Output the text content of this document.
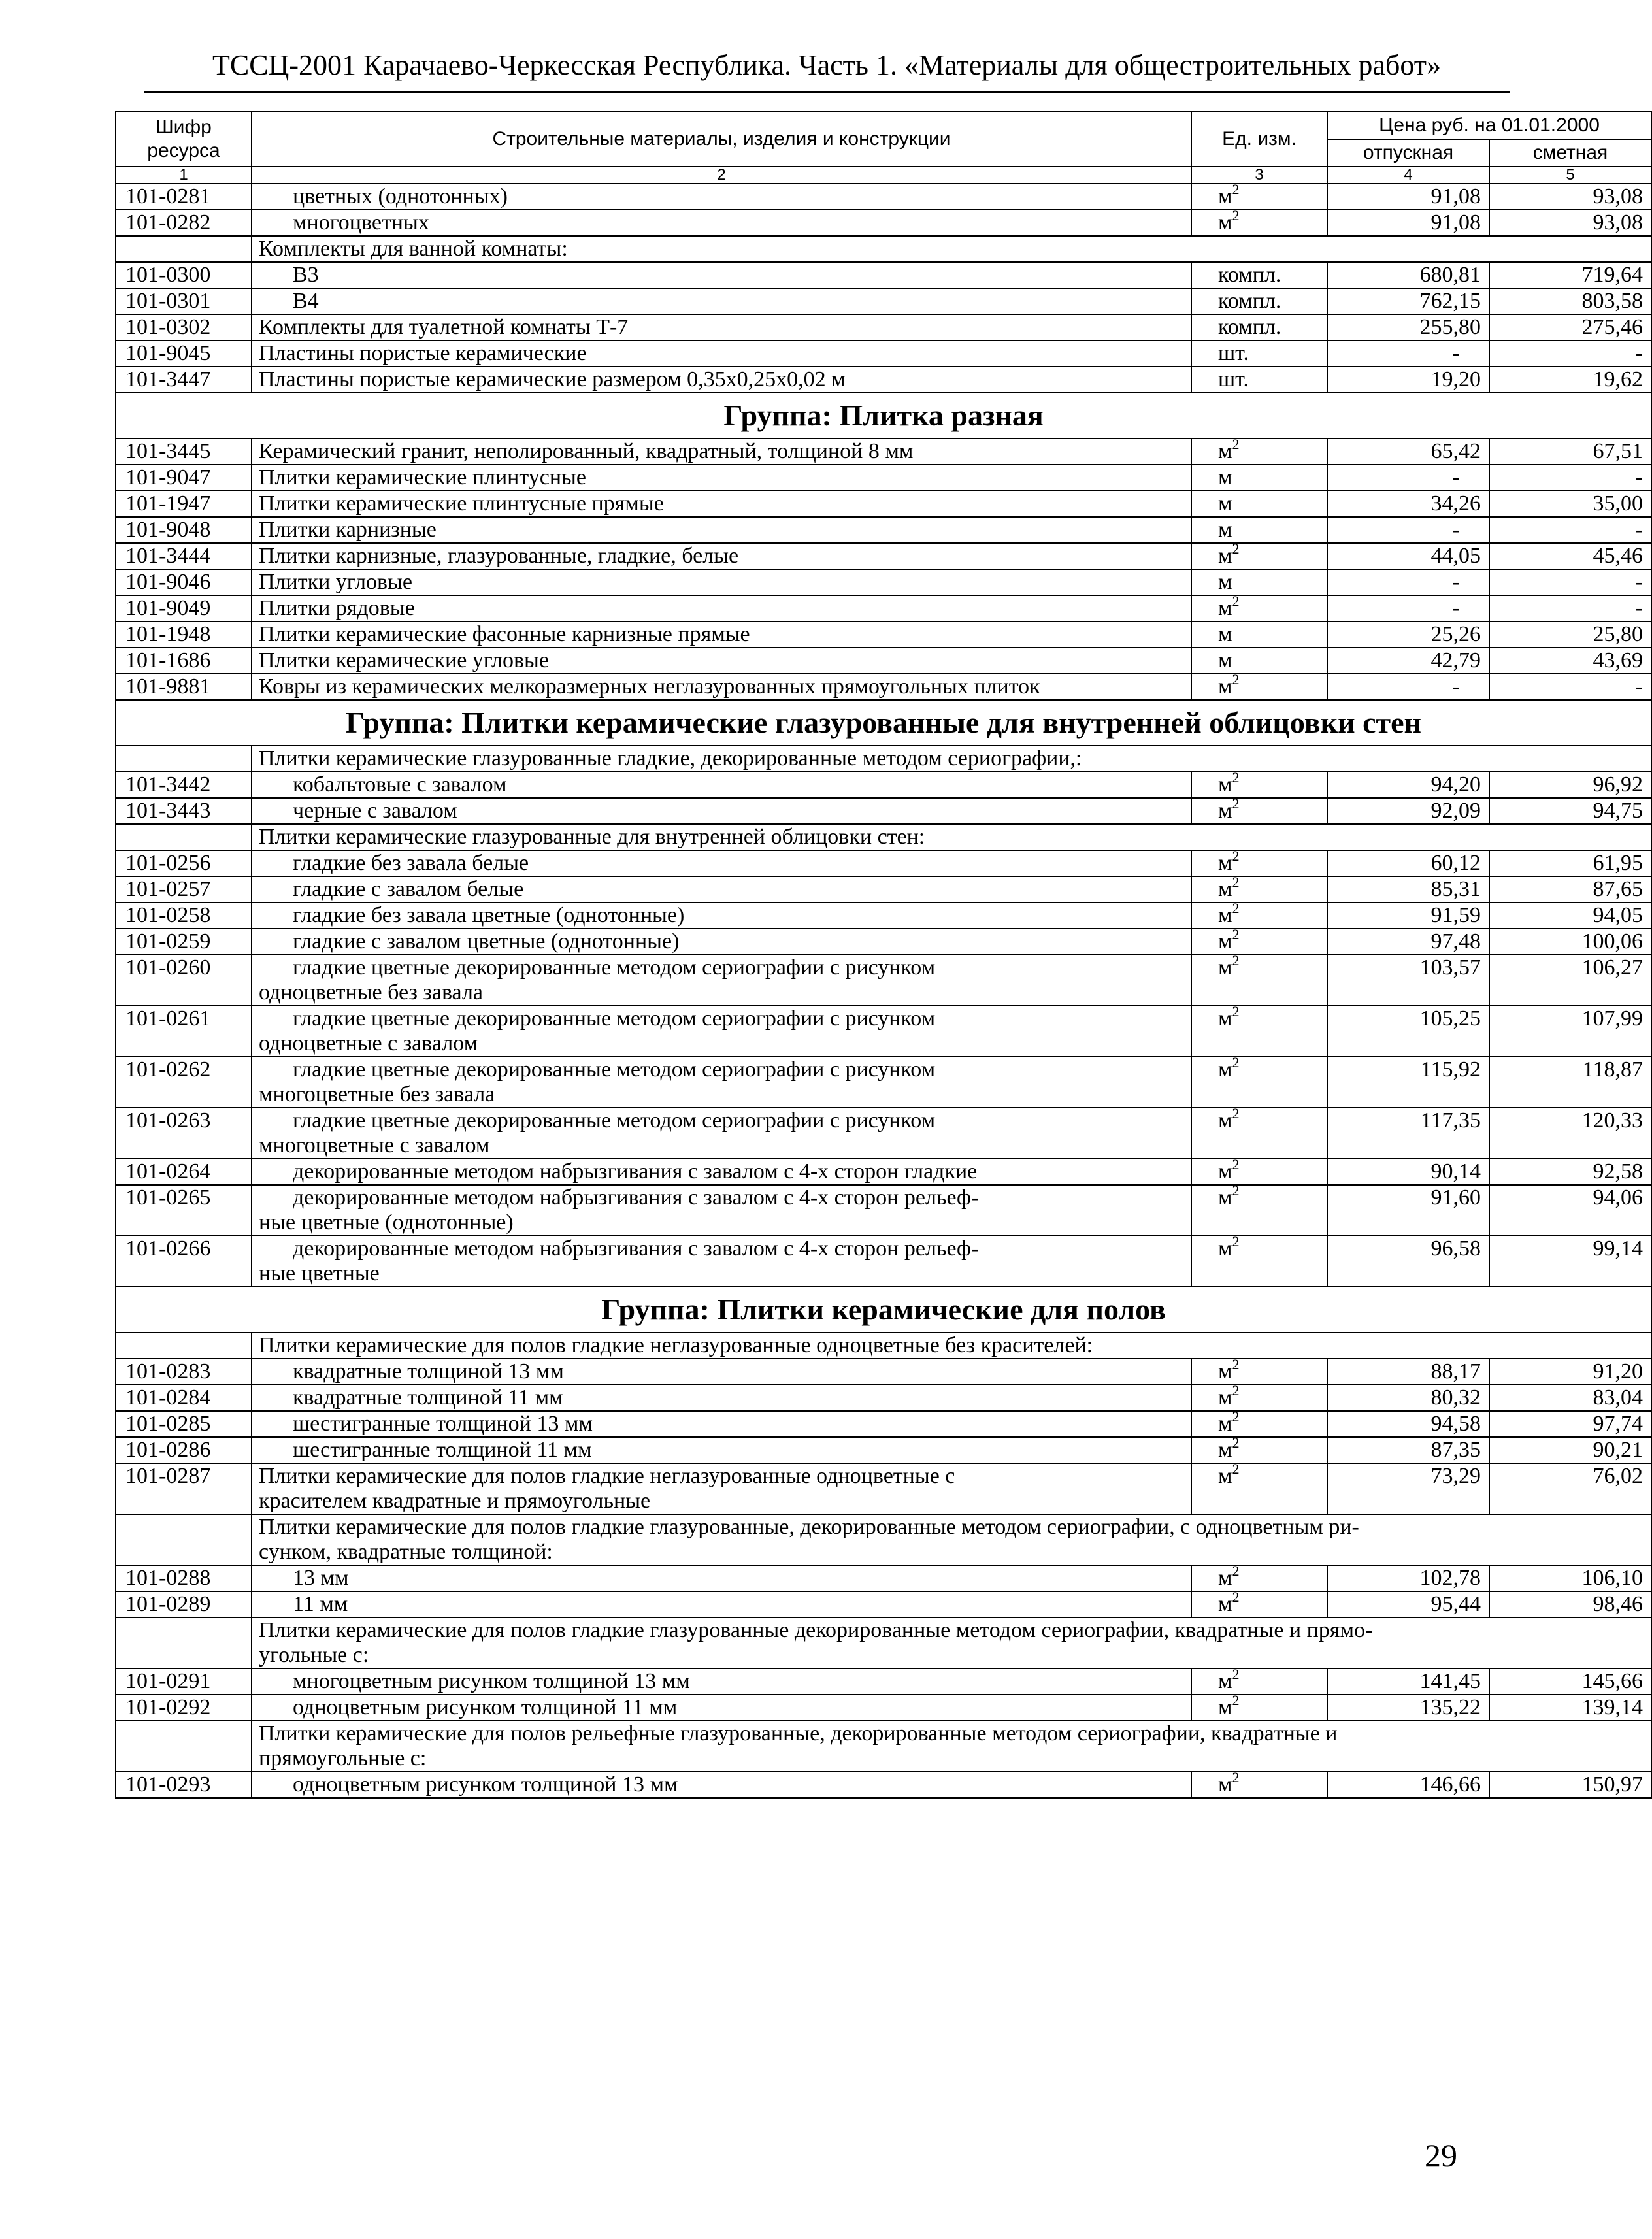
ТССЦ-2001 Карачаево-Черкесская Республика. Часть 1. «Материалы для общестроительных работ»
Шифр ресурса	Строительные материалы, изделия и конструкции	Ед. изм.	Цена руб. на 01.01.2000	
			отпускная	сметная
1	2	3	4	5
101-0281	цветных (однотонных)	$м^2$	91,08	93,08
101-0282	многоцветных	$м^2$	91,08	93,08
	Комплекты для ванной комнаты:			
101-0300	В3	компл.	680,81	719,64
101-0301	В4	компл.	762,15	803,58
101-0302	Комплекты для туалетной комнаты Т-7	компл.	255,80	275,46
101-9045	Пластины пористые керамические	шт.	-	-
101-3447	Пластины пористые керамические размером 0,35х0,25х0,02 м	шт.	19,20	19,62
Группа: Плитка разная				
101-3445	Керамический гранит, неполированный, квадратный, толщиной 8 мм	$м^2$	65,42	67,51
101-9047	Плитки керамические плинтусные	м	-	-
101-1947	Плитки керамические плинтусные прямые	м	34,26	35,00
101-9048	Плитки карнизные	м	-	-
101-3444	Плитки карнизные, глазурованные, гладкие, белые	$м^2$	44,05	45,46
101-9046	Плитки угловые	м	-	-
101-9049	Плитки рядовые	$м^2$	-	-
101-1948	Плитки керамические фасонные карнизные прямые	м	25,26	25,80
101-1686	Плитки керамические угловые	м	42,79	43,69
101-9881	Ковры из керамических мелкоразмерных неглазурованных прямоугольных плиток	$м^2$	-	-
Группа: Плитки керамические глазурованные для внутренней облицовки стен				
	Плитки керамические глазурованные гладкие, декорированные методом сериографии,:			
101-3442	кобальтовые с завалом	$м^2$	94,20	96,92
101-3443	черные с завалом	$м^2$	92,09	94,75
	Плитки керамические глазурованные для внутренней облицовки стен:			
101-0256	гладкие без завала белые	$м^2$	60,12	61,95
101-0257	гладкие с завалом белые	$м^2$	85,31	87,65
101-0258	гладкие без завала цветные (однотонные)	$м^2$	91,59	94,05
101-0259	гладкие с завалом цветные (однотонные)	$м^2$	97,48	100,06
101-0260	гладкие цветные декорированные методом сериографии с рисунком
одноцветные без завала	$м^2$	103,57	106,27
101-0261	гладкие цветные декорированные методом сериографии с рисунком
одноцветные с завалом	$м^2$	105,25	107,99
101-0262	гладкие цветные декорированные методом сериографии с рисунком
многоцветные без завала	$м^2$	115,92	118,87
101-0263	гладкие цветные декорированные методом сериографии с рисунком
многоцветные с завалом	$м^2$	117,35	120,33
101-0264	декорированные методом набрызгивания с завалом с 4-х сторон гладкие	$м^2$	90,14	92,58
101-0265	декорированные методом набрызгивания с завалом с 4-х сторон рельеф-
ные цветные (однотонные)	$м^2$	91,60	94,06
101-0266	декорированные методом набрызгивания с завалом с 4-х сторон рельеф-
ные цветные	$м^2$	96,58	99,14
Группа: Плитки керамические для полов				
	Плитки керамические для полов гладкие неглазурованные одноцветные без красителей:			
101-0283	квадратные толщиной 13 мм	$м^2$	88,17	91,20
101-0284	квадратные толщиной 11 мм	$м^2$	80,32	83,04
101-0285	шестигранные толщиной 13 мм	$м^2$	94,58	97,74
101-0286	шестигранные толщиной 11 мм	$м^2$	87,35	90,21
101-0287	Плитки керамические для полов гладкие неглазурованные одноцветные с
красителем квадратные и прямоугольные	$м^2$	73,29	76,02
	Плитки керамические для полов гладкие глазурованные, декорированные методом сериографии, с одноцветным ри-
сунком, квадратные толщиной:			
101-0288	13 мм	$м^2$	102,78	106,10
101-0289	11 мм	$м^2$	95,44	98,46
	Плитки керамические для полов гладкие глазурованные декорированные методом сериографии, квадратные и прямо-
угольные с:			
101-0291	многоцветным рисунком толщиной 13 мм	$м^2$	141,45	145,66
101-0292	одноцветным рисунком толщиной 11 мм	$м^2$	135,22	139,14
	Плитки керамические для полов рельефные глазурованные, декорированные методом сериографии, квадратные и
прямоугольные с:			
101-0293	одноцветным рисунком толщиной 13 мм	$м^2$	146,66	150,97
29
